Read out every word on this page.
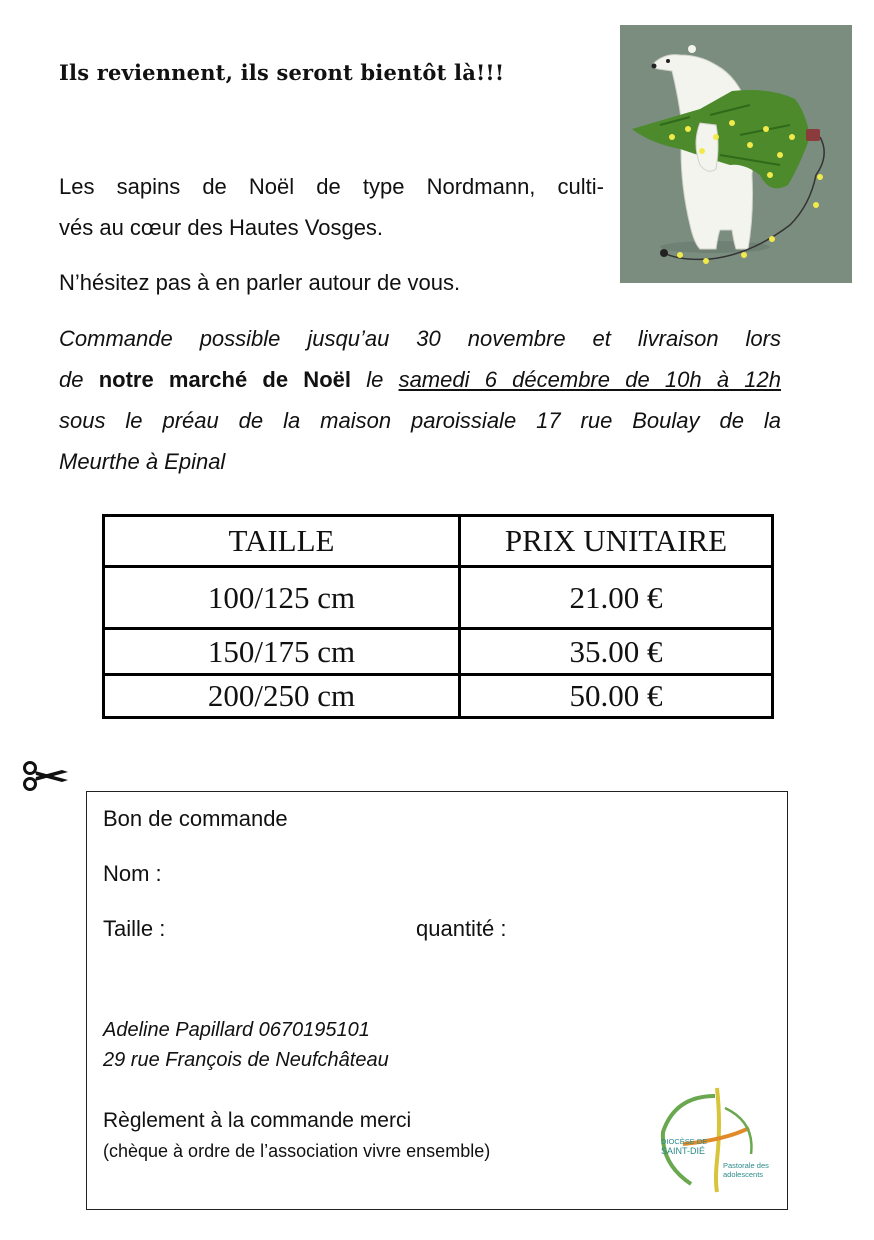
Ils reviennent, ils seront bientôt là!!!
Les sapins de Noël de type Nordmann, culti-
vés au cœur des Hautes Vosges.
N’hésitez pas à en parler autour de vous.
Commande possible jusqu’au 30 novembre et livraison lors
de notre marché de Noël le samedi 6 décembre de 10h à 12h
sous le préau de la maison paroissiale 17 rue Boulay de la
Meurthe à Epinal
TAILLE	PRIX UNITAIRE
100/125 cm	21.00 €
150/175 cm	35.00 €
200/250 cm	50.00 €
Bon de commande
Nom :
Taille :	quantité :
Adeline Papillard 0670195101
29 rue François de Neufchâteau
Règlement à la commande merci
(chèque à ordre de l’association vivre ensemble)	DIOCÈSE DE
SAINT-DIÉ
Pastorale des
adolescents
